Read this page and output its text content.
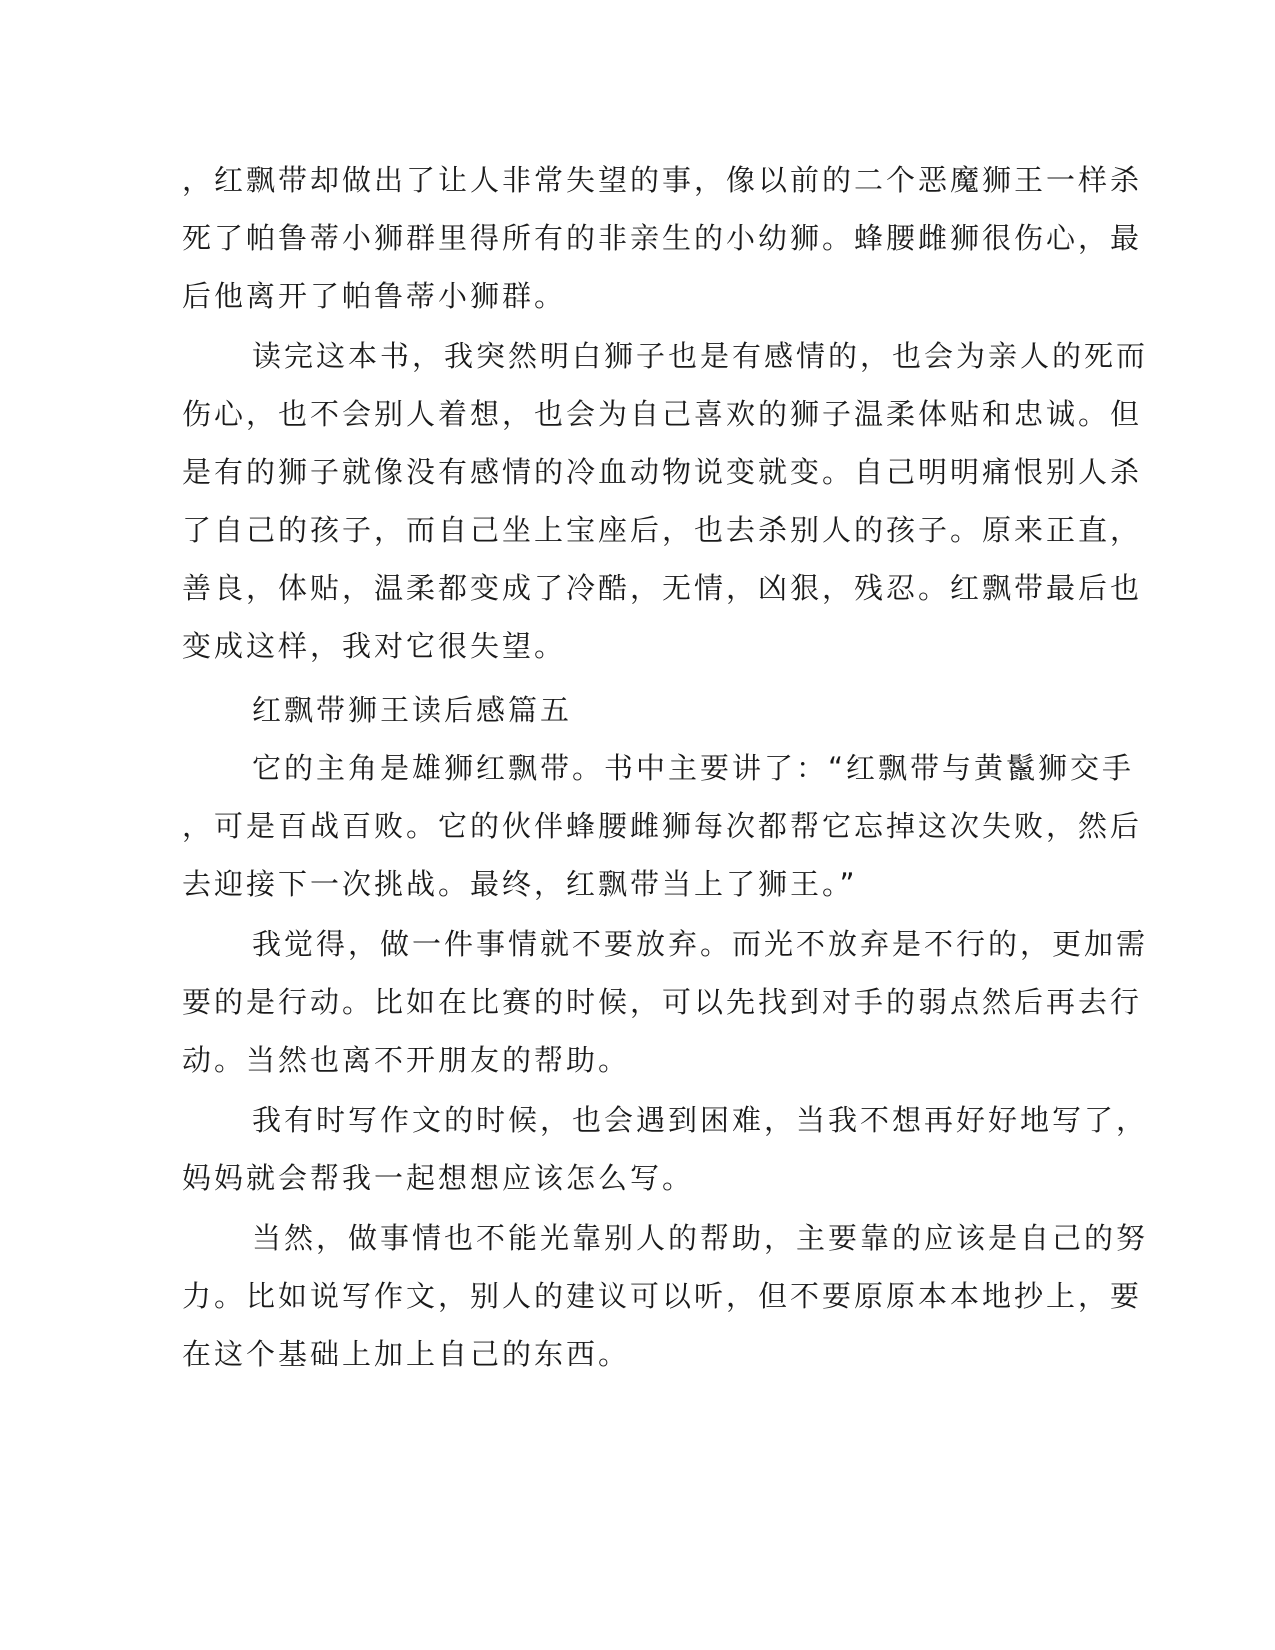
，红飘带却做出了让人非常失望的事，像以前的二个恶魔狮王一样杀
死了帕鲁蒂小狮群里得所有的非亲生的小幼狮。蜂腰雌狮很伤心，最
后他离开了帕鲁蒂小狮群。
读完这本书，我突然明白狮子也是有感情的，也会为亲人的死而
伤心，也不会别人着想，也会为自己喜欢的狮子温柔体贴和忠诚。但
是有的狮子就像没有感情的冷血动物说变就变。自己明明痛恨别人杀
了自己的孩子，而自己坐上宝座后，也去杀别人的孩子。原来正直，
善良，体贴，温柔都变成了冷酷，无情，凶狠，残忍。红飘带最后也
变成这样，我对它很失望。
红飘带狮王读后感篇五
它的主角是雄狮红飘带。书中主要讲了：“红飘带与黄鬣狮交手
，可是百战百败。它的伙伴蜂腰雌狮每次都帮它忘掉这次失败，然后
去迎接下一次挑战。最终，红飘带当上了狮王。”
我觉得，做一件事情就不要放弃。而光不放弃是不行的，更加需
要的是行动。比如在比赛的时候，可以先找到对手的弱点然后再去行
动。当然也离不开朋友的帮助。
我有时写作文的时候，也会遇到困难，当我不想再好好地写了，
妈妈就会帮我一起想想应该怎么写。
当然，做事情也不能光靠别人的帮助，主要靠的应该是自己的努
力。比如说写作文，别人的建议可以听，但不要原原本本地抄上，要
在这个基础上加上自己的东西。
